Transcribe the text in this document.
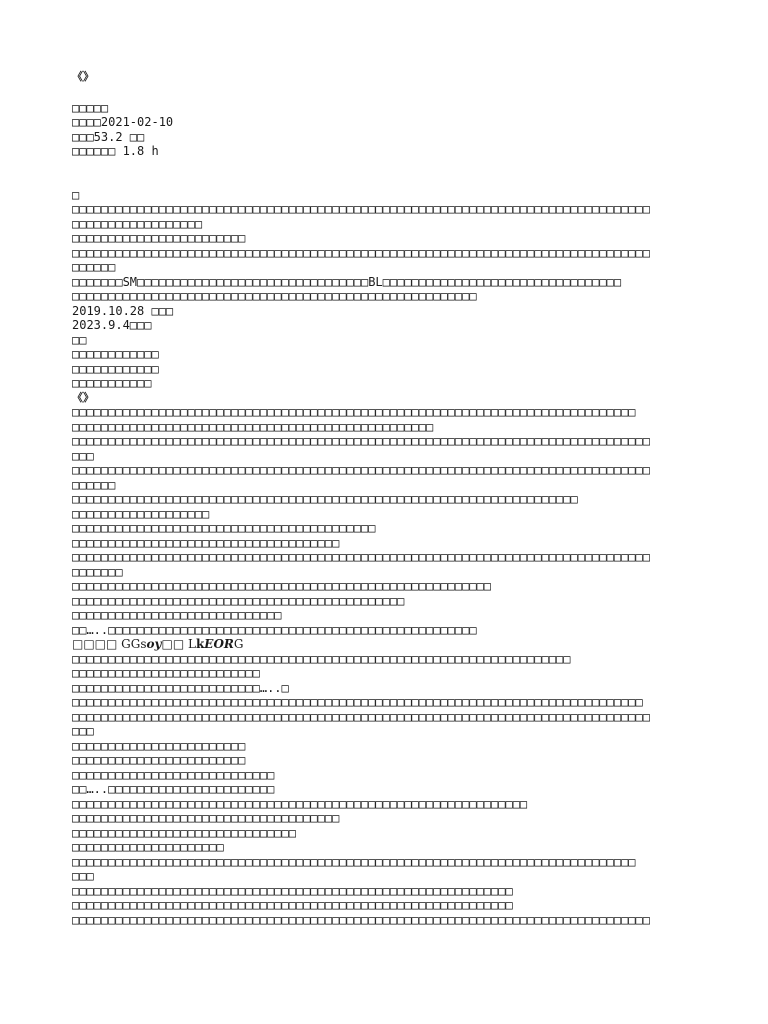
《》
□□□□□
□□□□2021-02-10
□□□53.2 □□
□□□□□□ 1.8 h
□
□□□□□□□□□□□□□□□□□□□□□□□□□□□□□□□□□□□□□□□□□□□□□□□□□□□□□□□□□□□□□□□□□□□□□□□□□□□□□□□□
□□□□□□□□□□□□□□□□□□
□□□□□□□□□□□□□□□□□□□□□□□□
□□□□□□□□□□□□□□□□□□□□□□□□□□□□□□□□□□□□□□□□□□□□□□□□□□□□□□□□□□□□□□□□□□□□□□□□□□□□□□□□
□□□□□□
□□□□□□□SM□□□□□□□□□□□□□□□□□□□□□□□□□□□□□□□□BL□□□□□□□□□□□□□□□□□□□□□□□□□□□□□□□□□
□□□□□□□□□□□□□□□□□□□□□□□□□□□□□□□□□□□□□□□□□□□□□□□□□□□□□□□□
2019.10.28 □□□
2023.9.4□□□
□□
□□□□□□□□□□□□
□□□□□□□□□□□□
□□□□□□□□□□□
《》
□□□□□□□□□□□□□□□□□□□□□□□□□□□□□□□□□□□□□□□□□□□□□□□□□□□□□□□□□□□□□□□□□□□□□□□□□□□□□□
□□□□□□□□□□□□□□□□□□□□□□□□□□□□□□□□□□□□□□□□□□□□□□□□□□
□□□□□□□□□□□□□□□□□□□□□□□□□□□□□□□□□□□□□□□□□□□□□□□□□□□□□□□□□□□□□□□□□□□□□□□□□□□□□□□□
□□□
□□□□□□□□□□□□□□□□□□□□□□□□□□□□□□□□□□□□□□□□□□□□□□□□□□□□□□□□□□□□□□□□□□□□□□□□□□□□□□□□
□□□□□□
□□□□□□□□□□□□□□□□□□□□□□□□□□□□□□□□□□□□□□□□□□□□□□□□□□□□□□□□□□□□□□□□□□□□□□
□□□□□□□□□□□□□□□□□□□
□□□□□□□□□□□□□□□□□□□□□□□□□□□□□□□□□□□□□□□□□□
□□□□□□□□□□□□□□□□□□□□□□□□□□□□□□□□□□□□□
□□□□□□□□□□□□□□□□□□□□□□□□□□□□□□□□□□□□□□□□□□□□□□□□□□□□□□□□□□□□□□□□□□□□□□□□□□□□□□□□
□□□□□□□
□□□□□□□□□□□□□□□□□□□□□□□□□□□□□□□□□□□□□□□□□□□□□□□□□□□□□□□□□□
□□□□□□□□□□□□□□□□□□□□□□□□□□□□□□□□□□□□□□□□□□□□□□
□□□□□□□□□□□□□□□□□□□□□□□□□□□□□
□□…..□□□□□□□□□□□□□□□□□□□□□□□□□□□□□□□□□□□□□□□□□□□□□□□□□□□
□□□□ GGsoy□□ LkEORG
□□□□□□□□□□□□□□□□□□□□□□□□□□□□□□□□□□□□□□□□□□□□□□□□□□□□□□□□□□□□□□□□□□□□□
□□□□□□□□□□□□□□□□□□□□□□□□□□
□□□□□□□□□□□□□□□□□□□□□□□□□□…..□
□□□□□□□□□□□□□□□□□□□□□□□□□□□□□□□□□□□□□□□□□□□□□□□□□□□□□□□□□□□□□□□□□□□□□□□□□□□□□□□
□□□□□□□□□□□□□□□□□□□□□□□□□□□□□□□□□□□□□□□□□□□□□□□□□□□□□□□□□□□□□□□□□□□□□□□□□□□□□□□□
□□□
□□□□□□□□□□□□□□□□□□□□□□□□
□□□□□□□□□□□□□□□□□□□□□□□□
□□□□□□□□□□□□□□□□□□□□□□□□□□□□
□□…..□□□□□□□□□□□□□□□□□□□□□□□
□□□□□□□□□□□□□□□□□□□□□□□□□□□□□□□□□□□□□□□□□□□□□□□□□□□□□□□□□□□□□□□
□□□□□□□□□□□□□□□□□□□□□□□□□□□□□□□□□□□□□
□□□□□□□□□□□□□□□□□□□□□□□□□□□□□□□
□□□□□□□□□□□□□□□□□□□□□
□□□□□□□□□□□□□□□□□□□□□□□□□□□□□□□□□□□□□□□□□□□□□□□□□□□□□□□□□□□□□□□□□□□□□□□□□□□□□□
□□□
□□□□□□□□□□□□□□□□□□□□□□□□□□□□□□□□□□□□□□□□□□□□□□□□□□□□□□□□□□□□□
□□□□□□□□□□□□□□□□□□□□□□□□□□□□□□□□□□□□□□□□□□□□□□□□□□□□□□□□□□□□□
□□□□□□□□□□□□□□□□□□□□□□□□□□□□□□□□□□□□□□□□□□□□□□□□□□□□□□□□□□□□□□□□□□□□□□□□□□□□□□□□
